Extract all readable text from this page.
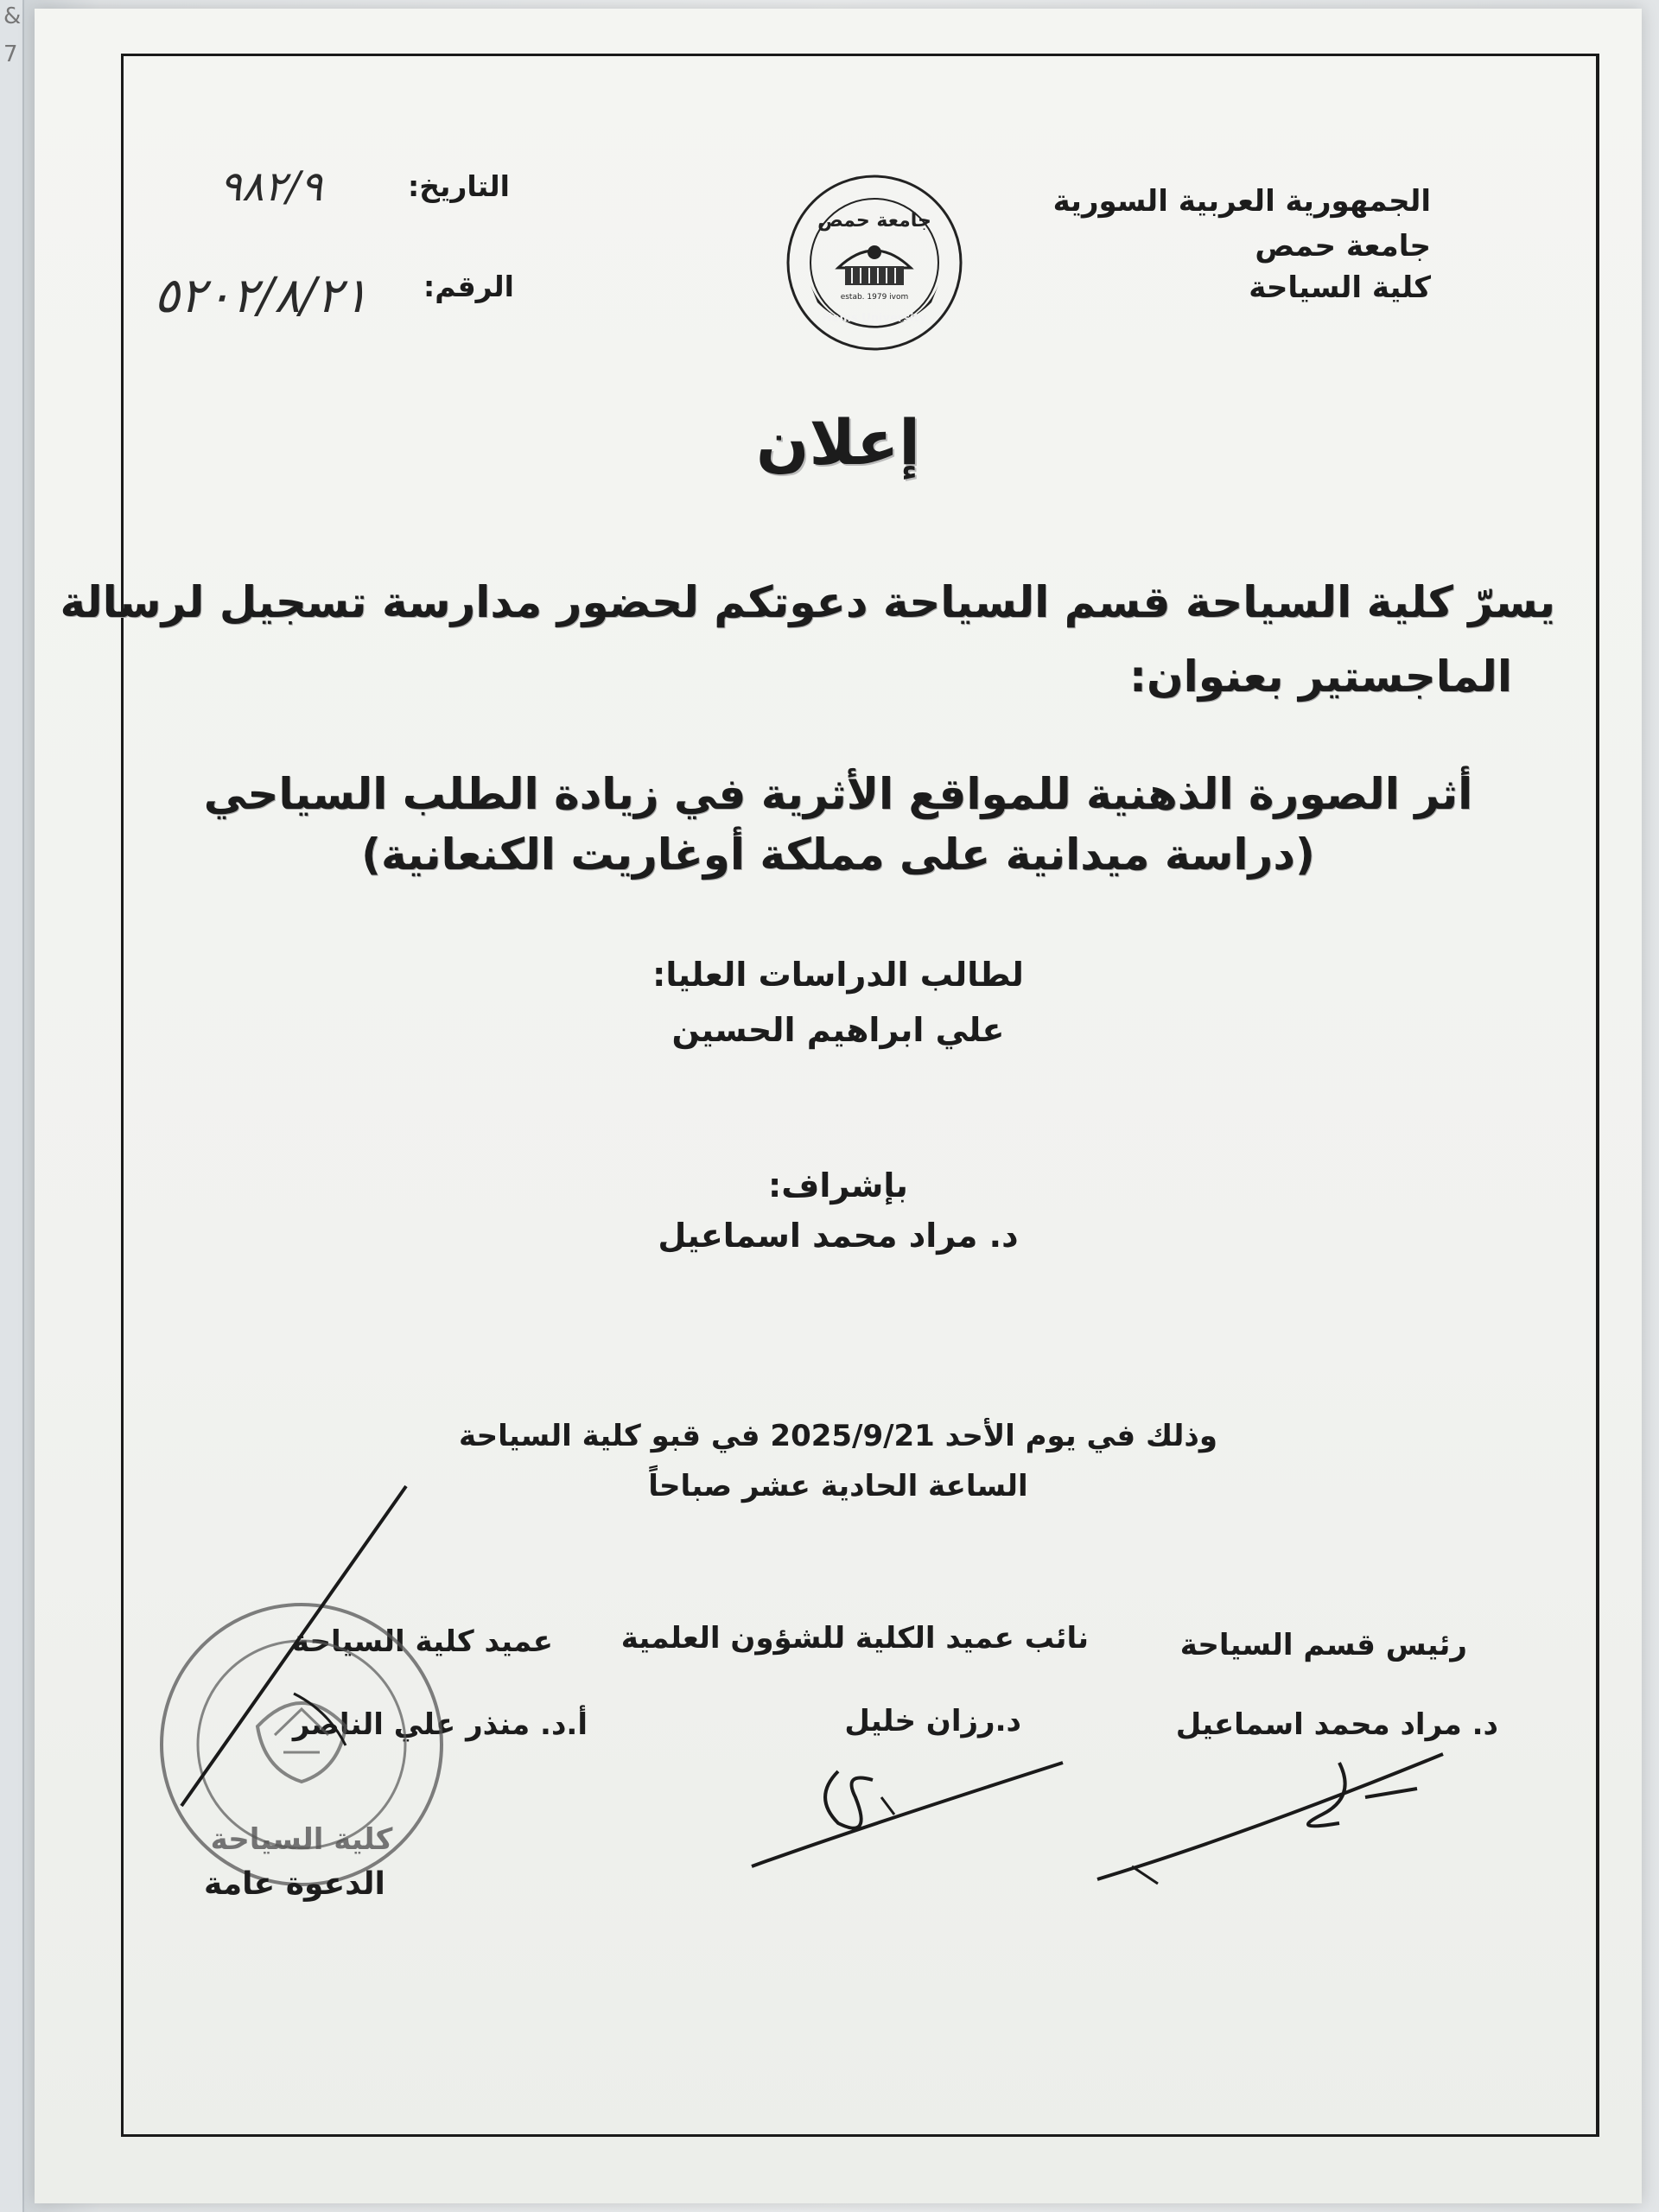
&
7
الجمهورية العربية السورية
جامعة حمص
كلية السياحة
جامعة حمص
Homs University
estab. 1979 ivom
التاريخ:
٩٨٢/٩
الرقم:
٥٢٠٢/٨/٢١
إعلان
يسرّ كلية السياحة قسم السياحة دعوتكم لحضور مدارسة تسجيل لرسالة
الماجستير بعنوان:
أثر الصورة الذهنية للمواقع الأثرية في زيادة الطلب السياحي
(دراسة ميدانية على مملكة أوغاريت الكنعانية)
لطالب الدراسات العليا:
علي ابراهيم الحسين
بإشراف:
د. مراد محمد اسماعيل
وذلك في يوم الأحد 2025/9/21 في قبو كلية السياحة
الساعة الحادية عشر صباحاً
رئيس قسم السياحة
نائب عميد الكلية للشؤون العلمية
عميد كلية السياحة
د. مراد محمد اسماعيل
د.رزان خليل
أ.د. منذر علي الناصر
كلية السياحة
الدعوة عامة
